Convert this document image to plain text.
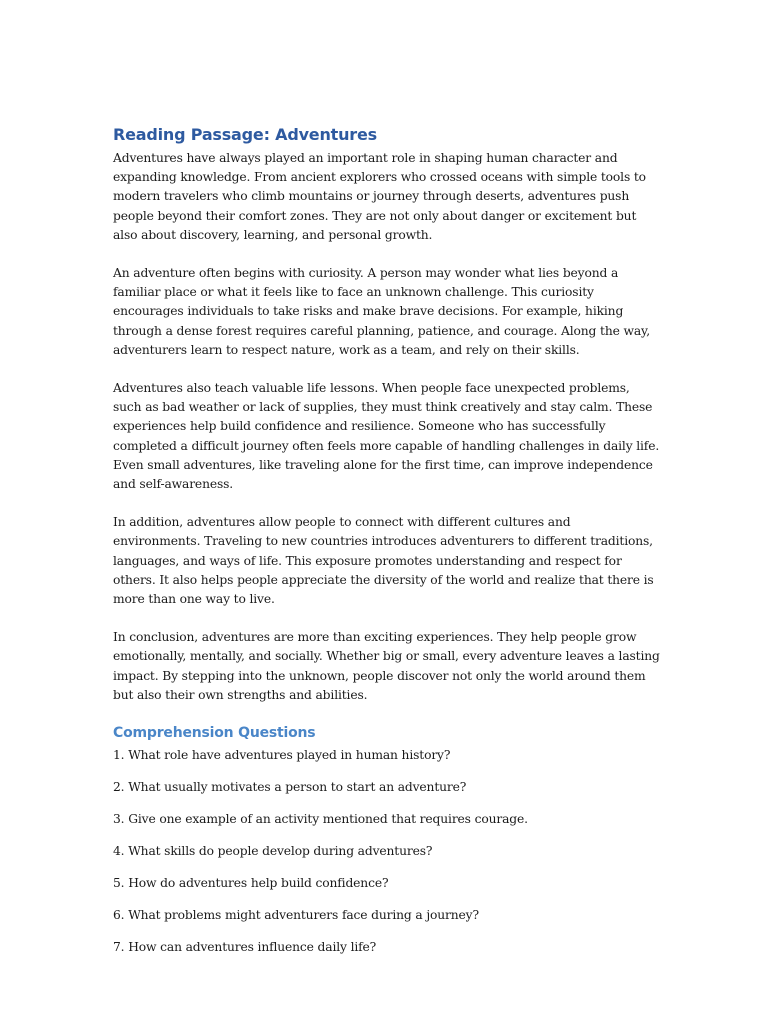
Reading Passage: Adventures

Adventures have always played an important role in shaping human character and expanding knowledge. From ancient explorers who crossed oceans with simple tools to modern travelers who climb mountains or journey through deserts, adventures push people beyond their comfort zones. They are not only about danger or excitement but also about discovery, learning, and personal growth.

An adventure often begins with curiosity. A person may wonder what lies beyond a familiar place or what it feels like to face an unknown challenge. This curiosity encourages individuals to take risks and make brave decisions. For example, hiking through a dense forest requires careful planning, patience, and courage. Along the way, adventurers learn to respect nature, work as a team, and rely on their skills.

Adventures also teach valuable life lessons. When people face unexpected problems, such as bad weather or lack of supplies, they must think creatively and stay calm. These experiences help build confidence and resilience. Someone who has successfully completed a difficult journey often feels more capable of handling challenges in daily life. Even small adventures, like traveling alone for the first time, can improve independence and self-awareness.

In addition, adventures allow people to connect with different cultures and environments. Traveling to new countries introduces adventurers to different traditions, languages, and ways of life. This exposure promotes understanding and respect for others. It also helps people appreciate the diversity of the world and realize that there is more than one way to live.

In conclusion, adventures are more than exciting experiences. They help people grow emotionally, mentally, and socially. Whether big or small, every adventure leaves a lasting impact. By stepping into the unknown, people discover not only the world around them but also their own strengths and abilities.

Comprehension Questions
1. What role have adventures played in human history?
2. What usually motivates a person to start an adventure?
3. Give one example of an activity mentioned that requires courage.
4. What skills do people develop during adventures?
5. How do adventures help build confidence?
6. What problems might adventurers face during a journey?
7. How can adventures influence daily life?
